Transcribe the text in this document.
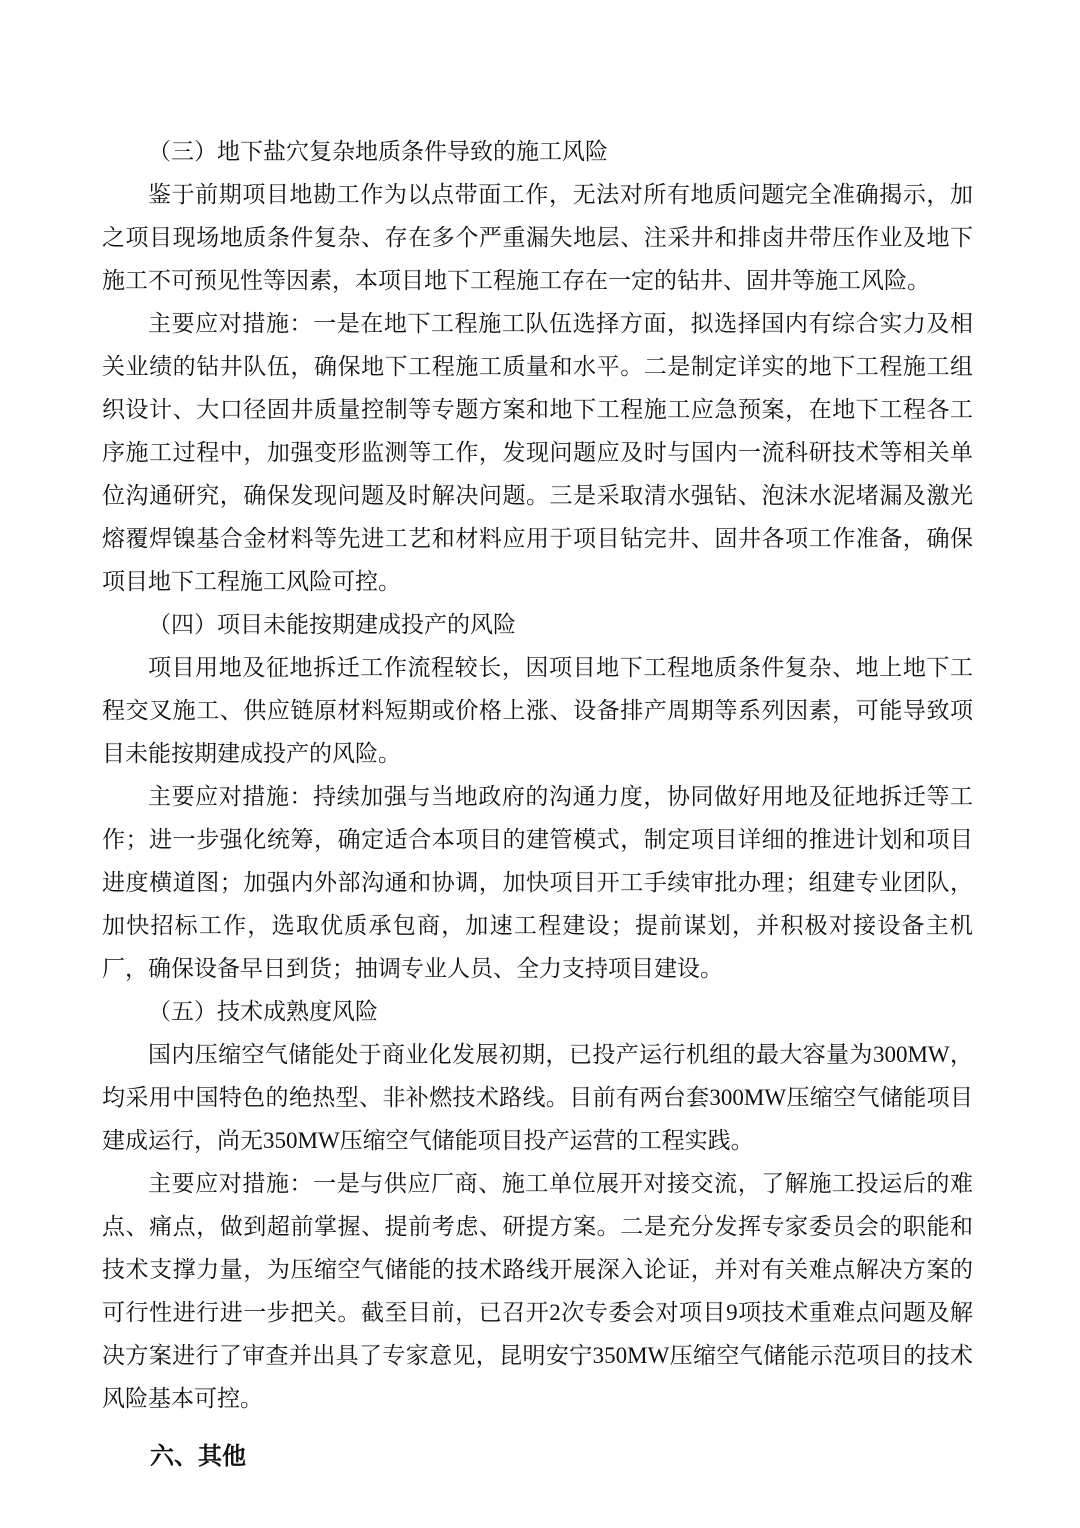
（三）地下盐穴复杂地质条件导致的施工风险

鉴于前期项目地勘工作为以点带面工作，无法对所有地质问题完全准确揭示，加之项目现场地质条件复杂、存在多个严重漏失地层、注采井和排卤井带压作业及地下施工不可预见性等因素，本项目地下工程施工存在一定的钻井、固井等施工风险。

主要应对措施：一是在地下工程施工队伍选择方面，拟选择国内有综合实力及相关业绩的钻井队伍，确保地下工程施工质量和水平。二是制定详实的地下工程施工组织设计、大口径固井质量控制等专题方案和地下工程施工应急预案，在地下工程各工序施工过程中，加强变形监测等工作，发现问题应及时与国内一流科研技术等相关单位沟通研究，确保发现问题及时解决问题。三是采取清水强钻、泡沫水泥堵漏及激光熔覆焊镍基合金材料等先进工艺和材料应用于项目钻完井、固井各项工作准备，确保项目地下工程施工风险可控。

（四）项目未能按期建成投产的风险

项目用地及征地拆迁工作流程较长，因项目地下工程地质条件复杂、地上地下工程交叉施工、供应链原材料短期或价格上涨、设备排产周期等系列因素，可能导致项目未能按期建成投产的风险。

主要应对措施：持续加强与当地政府的沟通力度，协同做好用地及征地拆迁等工作；进一步强化统筹，确定适合本项目的建管模式，制定项目详细的推进计划和项目进度横道图；加强内外部沟通和协调，加快项目开工手续审批办理；组建专业团队，加快招标工作，选取优质承包商，加速工程建设；提前谋划，并积极对接设备主机厂，确保设备早日到货；抽调专业人员、全力支持项目建设。

（五）技术成熟度风险

国内压缩空气储能处于商业化发展初期，已投产运行机组的最大容量为300MW，均采用中国特色的绝热型、非补燃技术路线。目前有两台套300MW压缩空气储能项目建成运行，尚无350MW压缩空气储能项目投产运营的工程实践。

主要应对措施：一是与供应厂商、施工单位展开对接交流，了解施工投运后的难点、痛点，做到超前掌握、提前考虑、研提方案。二是充分发挥专家委员会的职能和技术支撑力量，为压缩空气储能的技术路线开展深入论证，并对有关难点解决方案的可行性进行进一步把关。截至目前，已召开2次专委会对项目9项技术重难点问题及解决方案进行了审查并出具了专家意见，昆明安宁350MW压缩空气储能示范项目的技术风险基本可控。

六、其他
